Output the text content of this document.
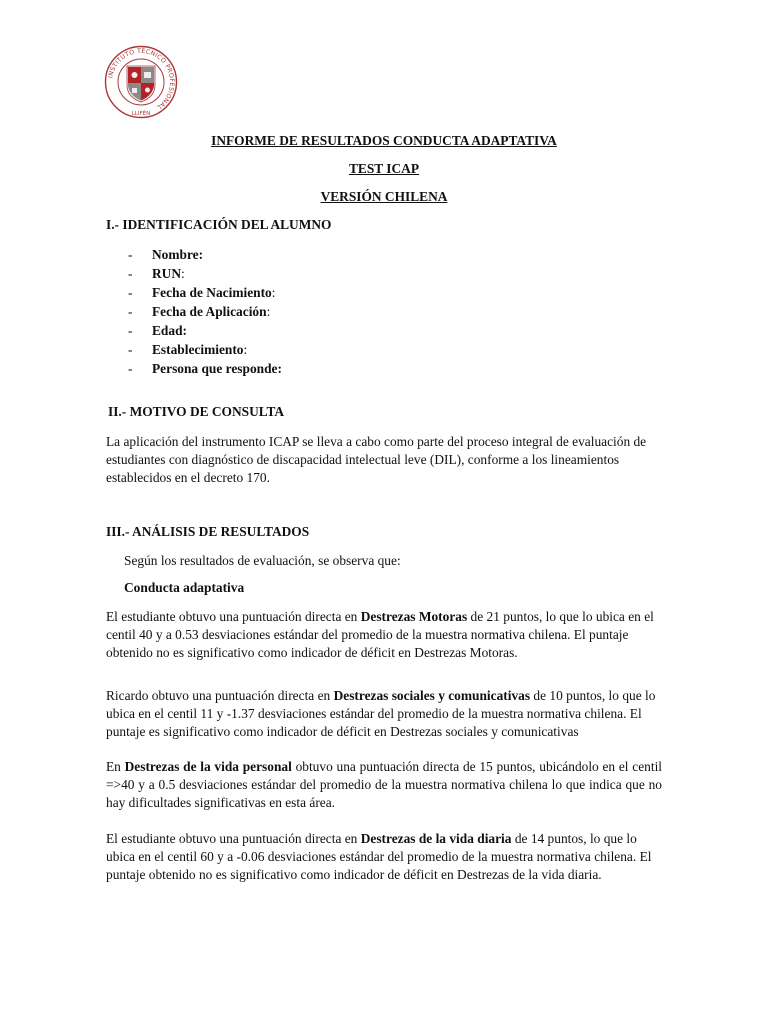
INSTITUTO TÉCNICO PROFESIONAL
LLIFÉN
INFORME DE RESULTADOS CONDUCTA ADAPTATIVA
TEST ICAP
VERSIÓN CHILENA
I.- IDENTIFICACIÓN DEL ALUMNO
- Nombre:
- RUN:
- Fecha de Nacimiento:
- Fecha de Aplicación:
- Edad:
- Establecimiento:
- Persona que responde:
II.- MOTIVO DE CONSULTA

La aplicación del instrumento ICAP se lleva a cabo como parte del proceso integral de evaluación de estudiantes con diagnóstico de discapacidad intelectual leve (DIL), conforme a los lineamientos establecidos en el decreto 170.

III.- ANÁLISIS DE RESULTADOS
Según los resultados de evaluación, se observa que:
Conducta adaptativa

El estudiante obtuvo una puntuación directa en Destrezas Motoras de 21 puntos, lo que lo ubica en el centil 40 y a 0.53 desviaciones estándar del promedio de la muestra normativa chilena. El puntaje obtenido no es significativo como indicador de déficit en Destrezas Motoras.

Ricardo obtuvo una puntuación directa en Destrezas sociales y comunicativas de 10 puntos, lo que lo ubica en el centil 11 y -1.37 desviaciones estándar del promedio de la muestra normativa chilena. El puntaje es significativo como indicador de déficit en Destrezas sociales y comunicativas

En Destrezas de la vida personal obtuvo una puntuación directa de 15 puntos, ubicándolo en el centil =>40 y a 0.5 desviaciones estándar del promedio de la muestra normativa chilena lo que indica que no hay dificultades significativas en esta área.

El estudiante obtuvo una puntuación directa en Destrezas de la vida diaria de 14 puntos, lo que lo ubica en el centil 60 y a -0.06 desviaciones estándar del promedio de la muestra normativa chilena. El puntaje obtenido no es significativo como indicador de déficit en Destrezas de la vida diaria.
